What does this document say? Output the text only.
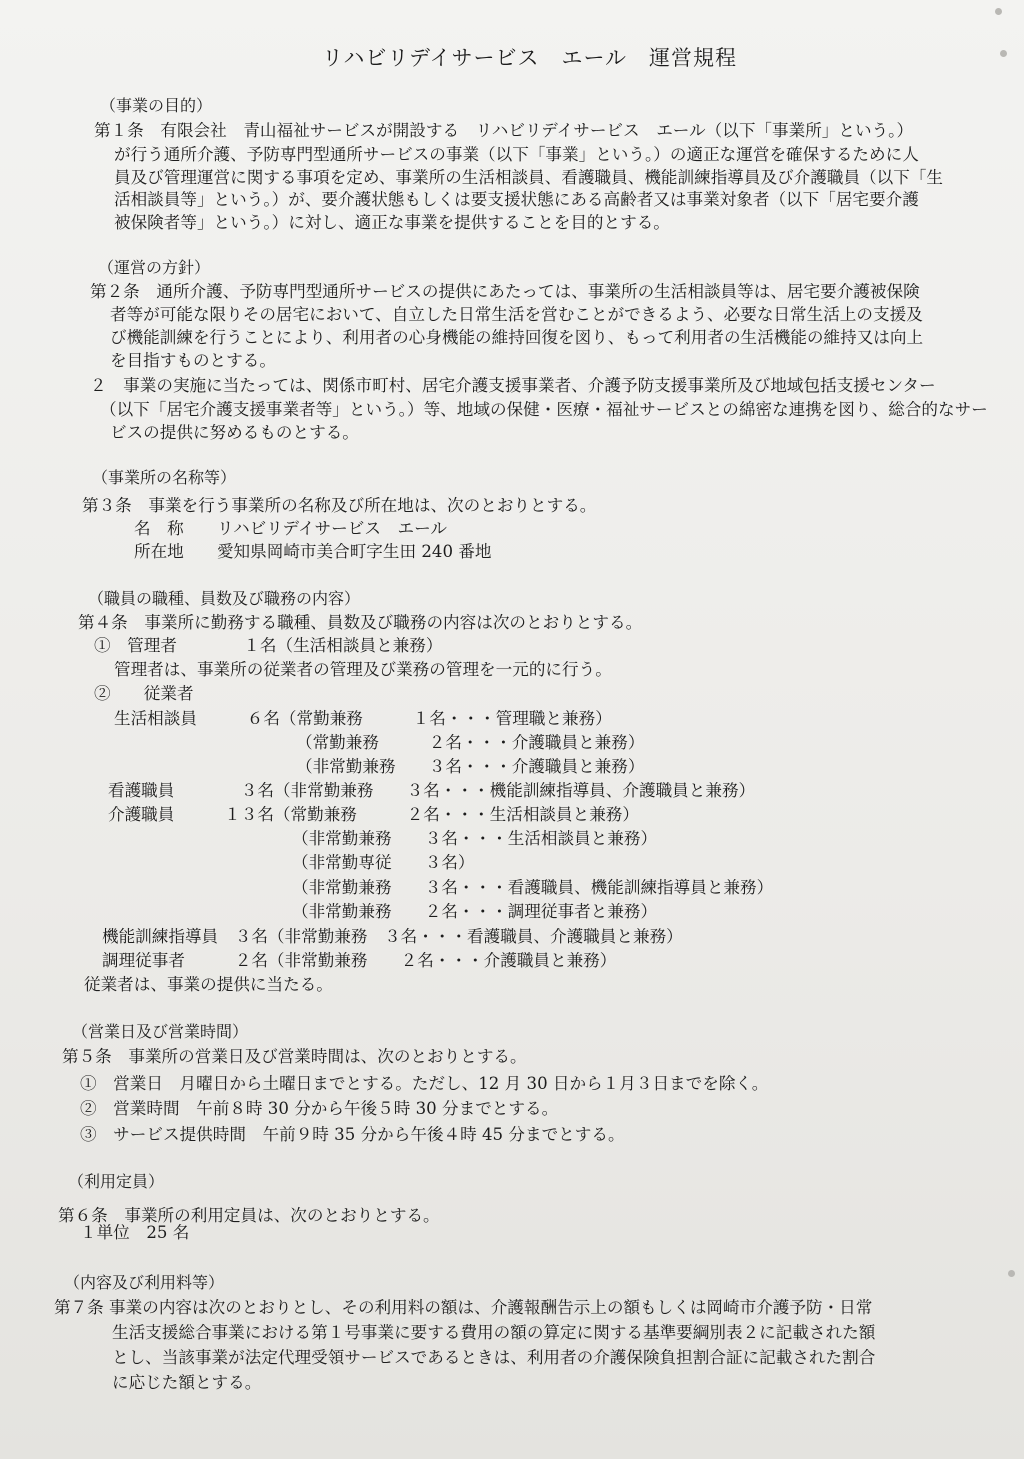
リハビリデイサービス　エール　運営規程
（事業の目的）
第１条　有限会社　青山福祉サービスが開設する　リハビリデイサービス　エール（以下「事業所」という。）
が行う通所介護、予防専門型通所サービスの事業（以下「事業」という。）の適正な運営を確保するために人
員及び管理運営に関する事項を定め、事業所の生活相談員、看護職員、機能訓練指導員及び介護職員（以下「生
活相談員等」という。）が、要介護状態もしくは要支援状態にある高齢者又は事業対象者（以下「居宅要介護
被保険者等」という。）に対し、適正な事業を提供することを目的とする。
（運営の方針）
第２条　通所介護、予防専門型通所サービスの提供にあたっては、事業所の生活相談員等は、居宅要介護被保険
者等が可能な限りその居宅において、自立した日常生活を営むことができるよう、必要な日常生活上の支援及
び機能訓練を行うことにより、利用者の心身機能の維持回復を図り、もって利用者の生活機能の維持又は向上
を目指すものとする。
２　事業の実施に当たっては、関係市町村、居宅介護支援事業者、介護予防支援事業所及び地域包括支援センター
（以下「居宅介護支援事業者等」という。）等、地域の保健・医療・福祉サービスとの綿密な連携を図り、総合的なサー
ビスの提供に努めるものとする。
（事業所の名称等）
第３条　事業を行う事業所の名称及び所在地は、次のとおりとする。
名　称　　リハビリデイサービス　エール
所在地　　愛知県岡崎市美合町字生田 240 番地
（職員の職種、員数及び職務の内容）
第４条　事業所に勤務する職種、員数及び職務の内容は次のとおりとする。
①　管理者　　　　１名（生活相談員と兼務）
管理者は、事業所の従業者の管理及び業務の管理を一元的に行う。
②　　従業者
生活相談員　　　６名（常勤兼務　　　１名・・・管理職と兼務）
（常勤兼務　　　２名・・・介護職員と兼務）
（非常勤兼務　　３名・・・介護職員と兼務）
看護職員　　　　３名（非常勤兼務　　３名・・・機能訓練指導員、介護職員と兼務）
介護職員　　　１３名（常勤兼務　　　２名・・・生活相談員と兼務）
（非常勤兼務　　３名・・・生活相談員と兼務）
（非常勤専従　　３名）
（非常勤兼務　　３名・・・看護職員、機能訓練指導員と兼務）
（非常勤兼務　　２名・・・調理従事者と兼務）
機能訓練指導員　３名（非常勤兼務　３名・・・看護職員、介護職員と兼務）
調理従事者　　　２名（非常勤兼務　　２名・・・介護職員と兼務）
従業者は、事業の提供に当たる。
（営業日及び営業時間）
第５条　事業所の営業日及び営業時間は、次のとおりとする。
①　営業日　月曜日から土曜日までとする。ただし、12 月 30 日から１月３日までを除く。
②　営業時間　午前８時 30 分から午後５時 30 分までとする。
③　サービス提供時間　午前９時 35 分から午後４時 45 分までとする。
（利用定員）
第６条　事業所の利用定員は、次のとおりとする。
１単位　25 名
（内容及び利用料等）
第７条 事業の内容は次のとおりとし、その利用料の額は、介護報酬告示上の額もしくは岡崎市介護予防・日常
生活支援総合事業における第１号事業に要する費用の額の算定に関する基準要綱別表２に記載された額
とし、当該事業が法定代理受領サービスであるときは、利用者の介護保険負担割合証に記載された割合
に応じた額とする。
